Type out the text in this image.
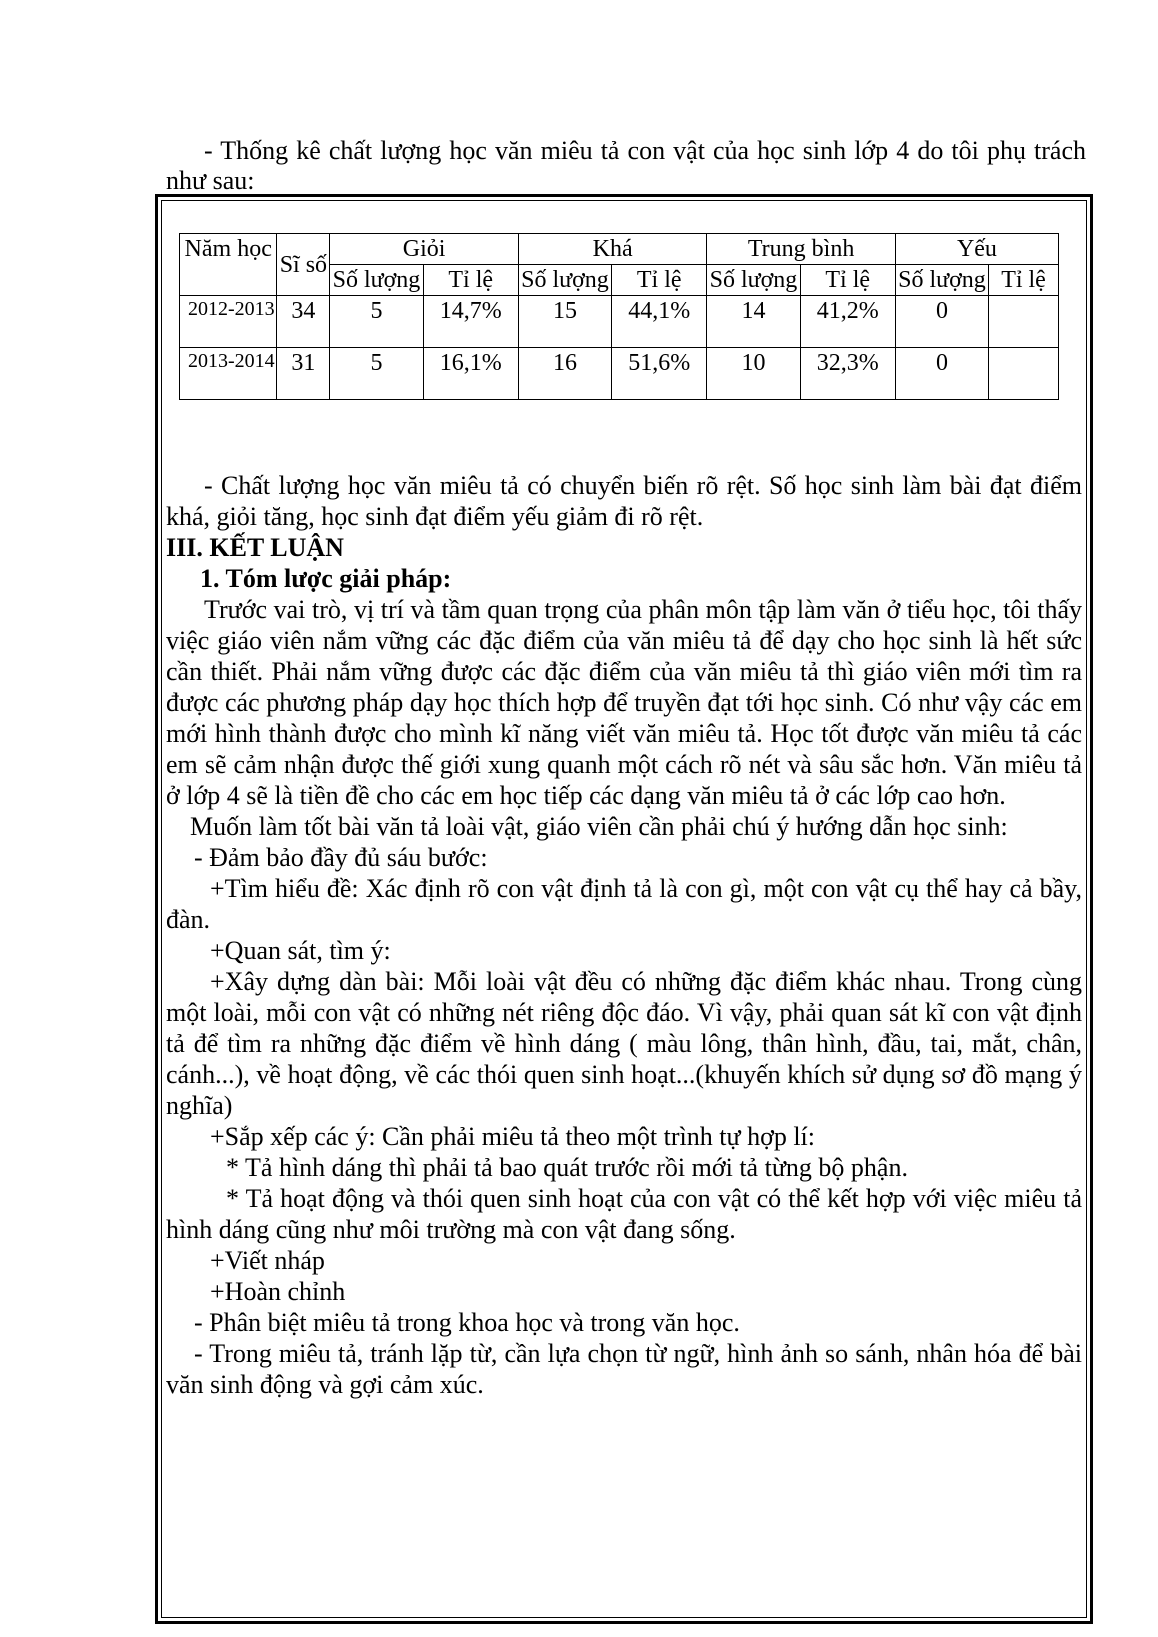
- Thống kê chất lượng học văn miêu tả con vật của học sinh lớp 4 do tôi phụ trách như sau:

Năm học	Sĩ số	Giỏi		Khá		Trung bình		Yếu	
		Số lượng	Tỉ lệ	Số lượng	Tỉ lệ	Số lượng	Tỉ lệ	Số lượng	Tỉ lệ
2012-2013	34	5	14,7%	15	44,1%	14	41,2%	0	
2013-2014	31	5	16,1%	16	51,6%	10	32,3%	0	

- Chất lượng học văn miêu tả có chuyển biến rõ rệt. Số học sinh làm bài đạt điểm khá, giỏi tăng, học sinh đạt điểm yếu giảm đi rõ rệt.

III. KẾT LUẬN

1. Tóm lược giải pháp:

Trước vai trò, vị trí và tầm quan trọng của phân môn tập làm văn ở tiểu học, tôi thấy việc giáo viên nắm vững các đặc điểm của văn miêu tả để dạy cho học sinh là hết sức cần thiết. Phải nắm vững được các đặc điểm của văn miêu tả thì giáo viên mới tìm ra được các phương pháp dạy học thích hợp để truyền đạt tới học sinh. Có như vậy các em mới hình thành được cho mình kĩ năng viết văn miêu tả. Học tốt được văn miêu tả các em sẽ cảm nhận được thế giới xung quanh một cách rõ nét và sâu sắc hơn. Văn miêu tả ở lớp 4 sẽ là tiền đề cho các em học tiếp các dạng văn miêu tả ở các lớp cao hơn.

Muốn làm tốt bài văn tả loài vật, giáo viên cần phải chú ý hướng dẫn học sinh:

- Đảm bảo đầy đủ sáu bước:

+Tìm hiểu đề: Xác định rõ con vật định tả là con gì, một con vật cụ thể hay cả bầy, đàn.

+Quan sát, tìm ý:

+Xây dựng dàn bài: Mỗi loài vật đều có những đặc điểm khác nhau. Trong cùng một loài, mỗi con vật có những nét riêng độc đáo. Vì vậy, phải quan sát kĩ con vật định tả để tìm ra những đặc điểm về hình dáng ( màu lông, thân hình, đầu, tai, mắt, chân, cánh...), về hoạt động, về các thói quen sinh hoạt...(khuyến khích sử dụng sơ đồ mạng ý nghĩa)

+Sắp xếp các ý: Cần phải miêu tả theo một trình tự hợp lí:

* Tả hình dáng thì phải tả bao quát trước rồi mới tả từng bộ phận.

* Tả hoạt động và thói quen sinh hoạt của con vật có thể kết hợp với việc miêu tả hình dáng cũng như môi trường mà con vật đang sống.

+Viết nháp

+Hoàn chỉnh

- Phân biệt miêu tả trong khoa học và trong văn học.

- Trong miêu tả, tránh lặp từ, cần lựa chọn từ ngữ, hình ảnh so sánh, nhân hóa để bài văn sinh động và gợi cảm xúc.
